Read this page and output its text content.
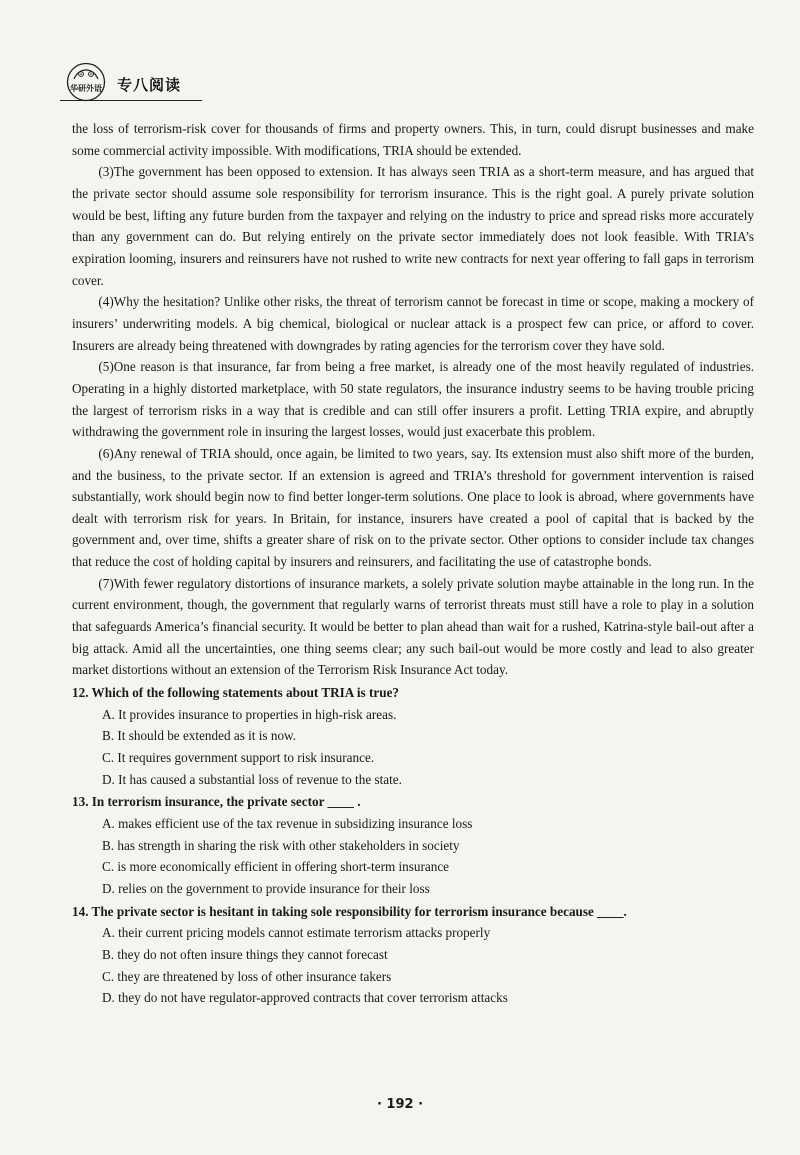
华研外语 专八阅读

the loss of terrorism-risk cover for thousands of firms and property owners. This, in turn, could disrupt businesses and make some commercial activity impossible. With modifications, TRIA should be extended.

(3)The government has been opposed to extension. It has always seen TRIA as a short-term measure, and has argued that the private sector should assume sole responsibility for terrorism insurance. This is the right goal. A purely private solution would be best, lifting any future burden from the taxpayer and relying on the industry to price and spread risks more accurately than any government can do. But relying entirely on the private sector immediately does not look feasible. With TRIA’s expiration looming, insurers and reinsurers have not rushed to write new contracts for next year offering to fall gaps in terrorism cover.

(4)Why the hesitation? Unlike other risks, the threat of terrorism cannot be forecast in time or scope, making a mockery of insurers’ underwriting models. A big chemical, biological or nuclear attack is a prospect few can price, or afford to cover. Insurers are already being threatened with downgrades by rating agencies for the terrorism cover they have sold.

(5)One reason is that insurance, far from being a free market, is already one of the most heavily regulated of industries. Operating in a highly distorted marketplace, with 50 state regulators, the insurance industry seems to be having trouble pricing the largest of terrorism risks in a way that is credible and can still offer insurers a profit. Letting TRIA expire, and abruptly withdrawing the government role in insuring the largest losses, would just exacerbate this problem.

(6)Any renewal of TRIA should, once again, be limited to two years, say. Its extension must also shift more of the burden, and the business, to the private sector. If an extension is agreed and TRIA’s threshold for government intervention is raised substantially, work should begin now to find better longer-term solutions. One place to look is abroad, where governments have dealt with terrorism risk for years. In Britain, for instance, insurers have created a pool of capital that is backed by the government and, over time, shifts a greater share of risk on to the private sector. Other options to consider include tax changes that reduce the cost of holding capital by insurers and reinsurers, and facilitating the use of catastrophe bonds.

(7)With fewer regulatory distortions of insurance markets, a solely private solution maybe attainable in the long run. In the current environment, though, the government that regularly warns of terrorist threats must still have a role to play in a solution that safeguards America’s financial security. It would be better to plan ahead than wait for a rushed, Katrina-style bail-out after a big attack. Amid all the uncertainties, one thing seems clear; any such bail-out would be more costly and lead to also greater market distortions without an extension of the Terrorism Risk Insurance Act today.

12. Which of the following statements about TRIA is true?
A. It provides insurance to properties in high-risk areas.
B. It should be extended as it is now.
C. It requires government support to risk insurance.
D. It has caused a substantial loss of revenue to the state.
13. In terrorism insurance, the private sector ____ .
A. makes efficient use of the tax revenue in subsidizing insurance loss
B. has strength in sharing the risk with other stakeholders in society
C. is more economically efficient in offering short-term insurance
D. relies on the government to provide insurance for their loss
14. The private sector is hesitant in taking sole responsibility for terrorism insurance because ____.
A. their current pricing models cannot estimate terrorism attacks properly
B. they do not often insure things they cannot forecast
C. they are threatened by loss of other insurance takers
D. they do not have regulator-approved contracts that cover terrorism attacks
· 192 ·
